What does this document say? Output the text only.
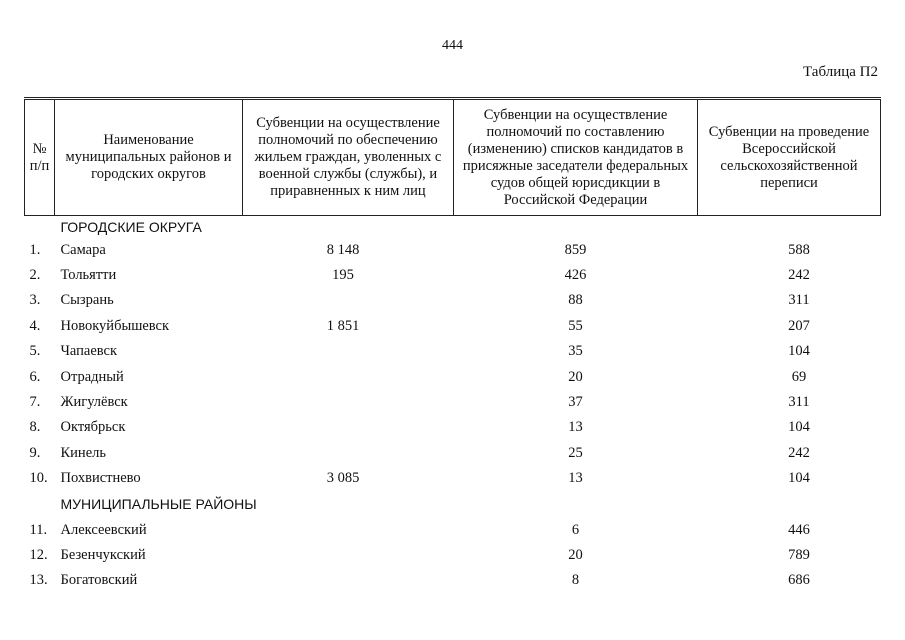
444
Таблица П2
№ п/п	Наименование муниципальных районов и городских округов	Субвенции на осуществление полномочий по обеспечению жильем граждан, уволенных с военной службы (службы), и приравненных к ним лиц	Субвенции на осуществление полномочий по составлению (изменению) списков кандидатов в присяжные заседатели федеральных судов общей юрисдикции в Российской Федерации	Субвенции на проведение Всероссийской сельскохозяйственной переписи
	ГОРОДСКИЕ ОКРУГА			
1.	Самара	8 148	859	588
2.	Тольятти	195	426	242
3.	Сызрань		88	311
4.	Новокуйбышевск	1 851	55	207
5.	Чапаевск		35	104
6.	Отрадный		20	69
7.	Жигулёвск		37	311
8.	Октябрьск		13	104
9.	Кинель		25	242
10.	Похвистнево	3 085	13	104
	МУНИЦИПАЛЬНЫЕ РАЙОНЫ			
11.	Алексеевский		6	446
12.	Безенчукский		20	789
13.	Богатовский		8	686
